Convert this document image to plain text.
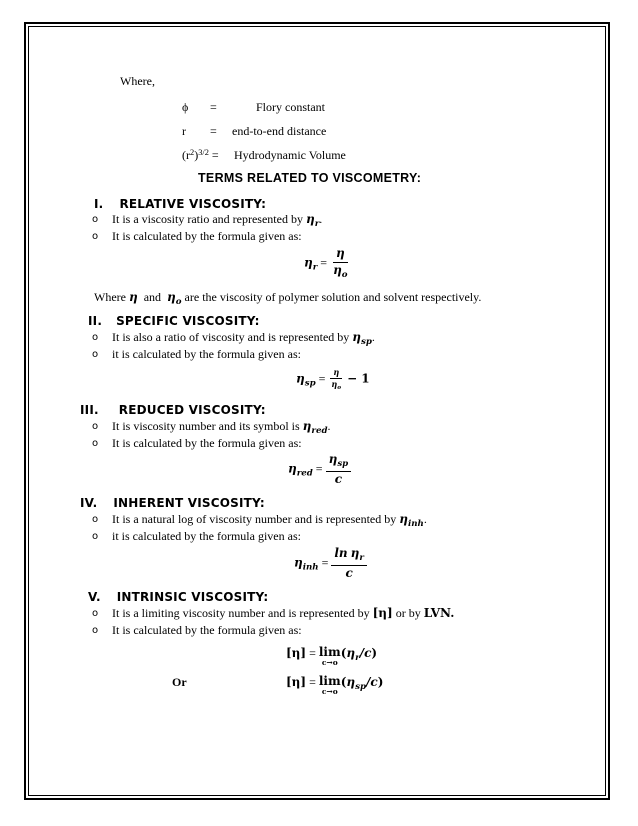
Where,
ϕ =	Flory constant
r = end-to-end distance
$(r^2)^{3/2}$ = Hydrodynamic Volume
TERMS RELATED TO VISCOMETRY:
I. RELATIVE VISCOSITY:
o It is a viscosity ratio and represented by $\eta_r$.
o It is calculated by the formula given as:
$\eta_r = \frac{\eta}{\eta_o}$
Where η and $\eta_o$ are the viscosity of polymer solution and solvent respectively.
II. SPECIFIC VISCOSITY:
o It is also a ratio of viscosity and is represented by $\eta_{sp}$.
o it is calculated by the formula given as:
$\eta_{sp} = \frac{\eta}{\eta_o} - 1$
III. REDUCED VISCOSITY:
o It is viscosity number and its symbol is $\eta_{red}$.
o It is calculated by the formula given as:
$\eta_{red} = \frac{\eta_{sp}}{c}$
IV. INHERENT VISCOSITY:
o It is a natural log of viscosity number and is represented by $\eta_{inh}$.
o it is calculated by the formula given as:
$\eta_{inh} = \frac{\ln \eta_r}{c}$
V. INTRINSIC VISCOSITY:
o It is a limiting viscosity number and is represented by [η] or by LVN.
o It is calculated by the formula given as:
[η] = lim
c→o
$(\eta_r/c)$
Or	[η] = lim
c→o
$(\eta_{sp}/c)$
